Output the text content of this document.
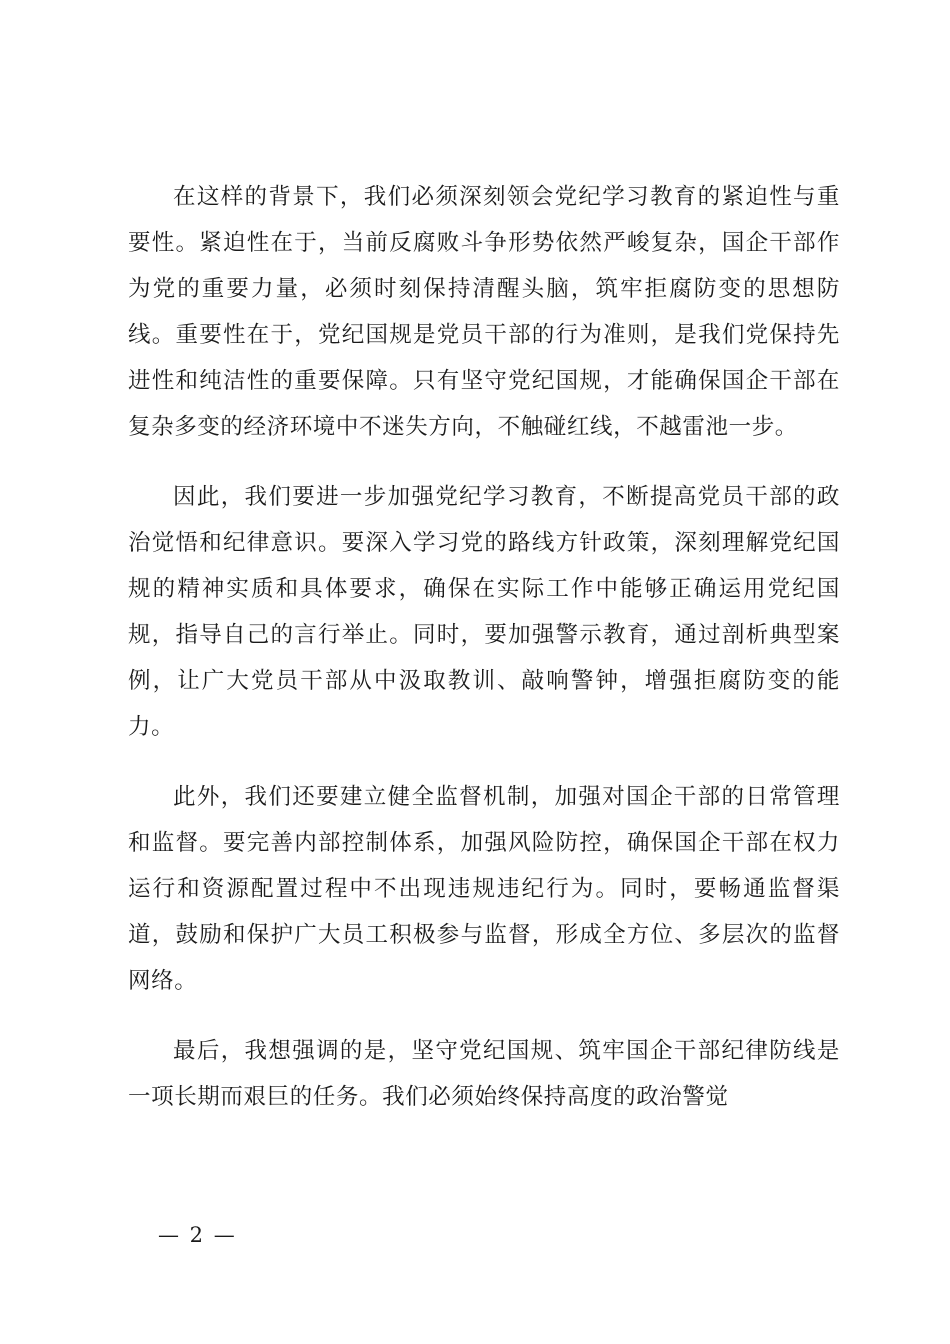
在这样的背景下，我们必须深刻领会党纪学习教育的紧迫性与重要性。紧迫性在于，当前反腐败斗争形势依然严峻复杂，国企干部作为党的重要力量，必须时刻保持清醒头脑，筑牢拒腐防变的思想防线。重要性在于，党纪国规是党员干部的行为准则，是我们党保持先进性和纯洁性的重要保障。只有坚守党纪国规，才能确保国企干部在复杂多变的经济环境中不迷失方向，不触碰红线，不越雷池一步。

因此，我们要进一步加强党纪学习教育，不断提高党员干部的政治觉悟和纪律意识。要深入学习党的路线方针政策，深刻理解党纪国规的精神实质和具体要求，确保在实际工作中能够正确运用党纪国规，指导自己的言行举止。同时，要加强警示教育，通过剖析典型案例，让广大党员干部从中汲取教训、敲响警钟，增强拒腐防变的能力。

此外，我们还要建立健全监督机制，加强对国企干部的日常管理和监督。要完善内部控制体系，加强风险防控，确保国企干部在权力运行和资源配置过程中不出现违规违纪行为。同时，要畅通监督渠道，鼓励和保护广大员工积极参与监督，形成全方位、多层次的监督网络。

最后，我想强调的是，坚守党纪国规、筑牢国企干部纪律防线是一项长期而艰巨的任务。我们必须始终保持高度的政治警觉

— 2 —
